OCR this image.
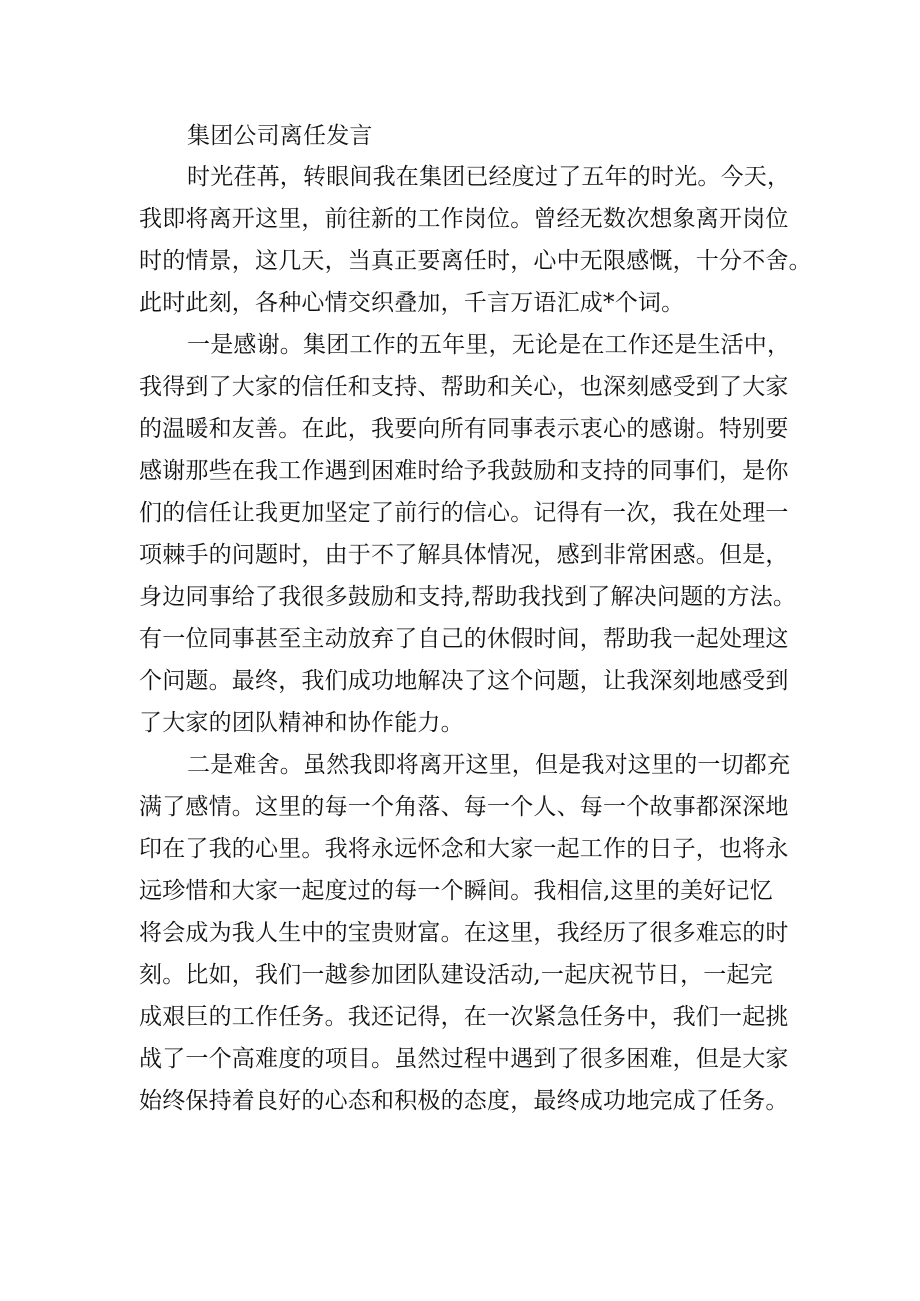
集团公司离任发言
时光荏苒，转眼间我在集团已经度过了五年的时光。今天，
我即将离开这里，前往新的工作岗位。曾经无数次想象离开岗位
时的情景，这几天，当真正要离任时，心中无限感慨，十分不舍。
此时此刻，各种心情交织叠加，千言万语汇成*个词。
一是感谢。集团工作的五年里，无论是在工作还是生活中，
我得到了大家的信任和支持、帮助和关心，也深刻感受到了大家
的温暖和友善。在此，我要向所有同事表示衷心的感谢。特别要
感谢那些在我工作遇到困难时给予我鼓励和支持的同事们，是你
们的信任让我更加坚定了前行的信心。记得有一次，我在处理一
项棘手的问题时，由于不了解具体情况，感到非常困惑。但是，
身边同事给了我很多鼓励和支持,帮助我找到了解决问题的方法。
有一位同事甚至主动放弃了自己的休假时间，帮助我一起处理这
个问题。最终，我们成功地解决了这个问题，让我深刻地感受到
了大家的团队精神和协作能力。
二是难舍。虽然我即将离开这里，但是我对这里的一切都充
满了感情。这里的每一个角落、每一个人、每一个故事都深深地
印在了我的心里。我将永远怀念和大家一起工作的日子，也将永
远珍惜和大家一起度过的每一个瞬间。我相信,这里的美好记忆
将会成为我人生中的宝贵财富。在这里，我经历了很多难忘的时
刻。比如，我们一越参加团队建设活动,一起庆祝节日，一起完
成艰巨的工作任务。我还记得，在一次紧急任务中，我们一起挑
战了一个高难度的项目。虽然过程中遇到了很多困难，但是大家
始终保持着良好的心态和积极的态度，最终成功地完成了任务。
